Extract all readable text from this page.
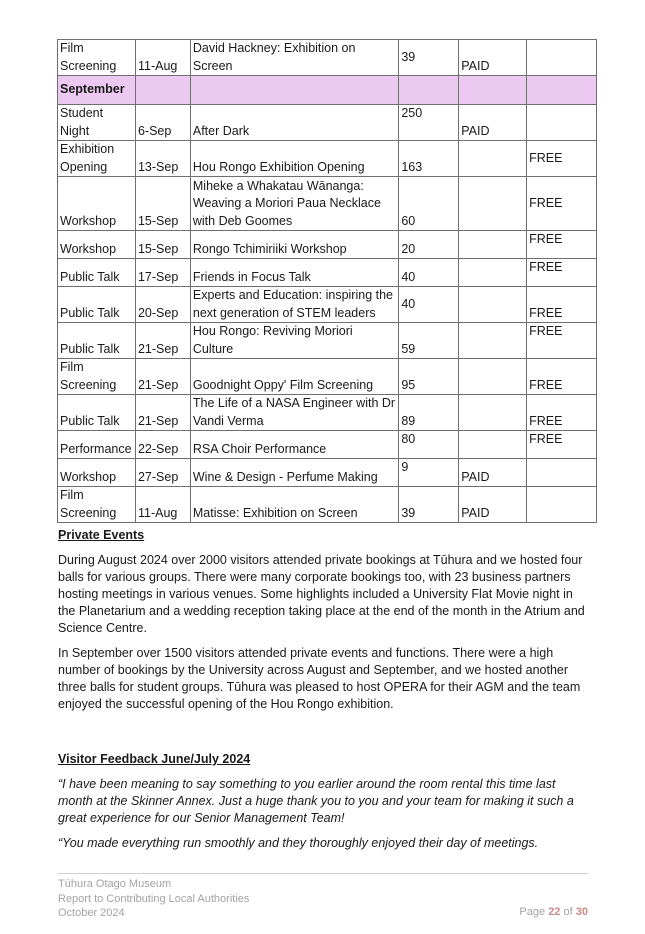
Film Screening	11-Aug	David Hackney: Exhibition on Screen	39	PAID	
September					
Student Night	6-Sep	After Dark	250	PAID	
Exhibition Opening	13-Sep	Hou Rongo Exhibition Opening	163		FREE
Workshop	15-Sep	Miheke a Whakatau Wānanga: Weaving a Moriori Paua Necklace with Deb Goomes	60		FREE
Workshop	15-Sep	Rongo Tchimiriiki Workshop	20		FREE
Public Talk	17-Sep	Friends in Focus Talk	40		FREE
Public Talk	20-Sep	Experts and Education: inspiring the next generation of STEM leaders	40		FREE
Public Talk	21-Sep	Hou Rongo: Reviving Moriori Culture	59		FREE
Film Screening	21-Sep	Goodnight Oppy' Film Screening	95		FREE
Public Talk	21-Sep	The Life of a NASA Engineer with Dr Vandi Verma	89		FREE
Performance	22-Sep	RSA Choir Performance	80		FREE
Workshop	27-Sep	Wine & Design - Perfume Making	9	PAID	
Film Screening	11-Aug	Matisse: Exhibition on Screen	39	PAID	
Private Events

During August 2024 over 2000 visitors attended private bookings at Tūhura and we hosted four balls for various groups. There were many corporate bookings too, with 23 business partners hosting meetings in various venues. Some highlights included a University Flat Movie night in the Planetarium and a wedding reception taking place at the end of the month in the Atrium and Science Centre.

In September over 1500 visitors attended private events and functions. There were a high number of bookings by the University across August and September, and we hosted another three balls for student groups. Tūhura was pleased to host OPERA for their AGM and the team enjoyed the successful opening of the Hou Rongo exhibition.

Visitor Feedback June/July 2024

“I have been meaning to say something to you earlier around the room rental this time last month at the Skinner Annex. Just a huge thank you to you and your team for making it such a great experience for our Senior Management Team!

“You made everything run smoothly and they thoroughly enjoyed their day of meetings.

Tūhura Otago Museum
Report to Contributing Local Authorities
October 2024	Page 22 of 30
